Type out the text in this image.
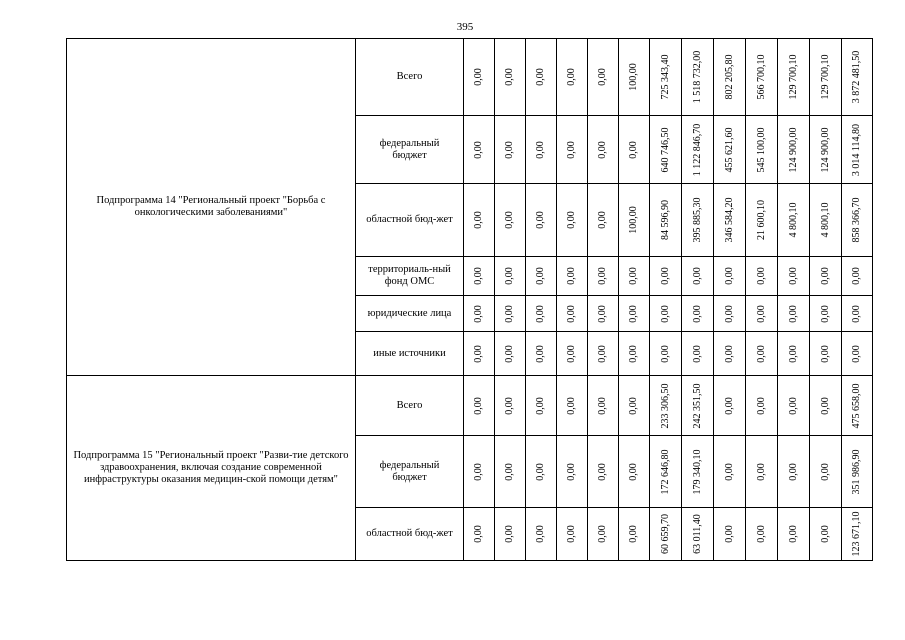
395
Подпрограмма 14 "Региональный проект "Борьба с онкологическими заболеваниями"	Всего	0,00	0,00	0,00	0,00	0,00	100,00	725 343,40	1 518 732,00	802 205,80	566 700,10	129 700,10	129 700,10	3 872 481,50

	федеральный бюджет	0,00	0,00	0,00	0,00	0,00	0,00	640 746,50	1 122 846,70	455 621,60	545 100,00	124 900,00	124 900,00	3 014 114,80

	областной бюд-жет	0,00	0,00	0,00	0,00	0,00	100,00	84 596,90	395 885,30	346 584,20	21 600,10	4 800,10	4 800,10	858 366,70

	территориаль-ный фонд ОМС	0,00	0,00	0,00	0,00	0,00	0,00	0,00	0,00	0,00	0,00	0,00	0,00	0,00

	юридические лица	0,00	0,00	0,00	0,00	0,00	0,00	0,00	0,00	0,00	0,00	0,00	0,00	0,00

	иные источники	0,00	0,00	0,00	0,00	0,00	0,00	0,00	0,00	0,00	0,00	0,00	0,00	0,00

Подпрограмма 15 "Региональный проект "Разви-тие детского здравоохранения, включая создание современной инфраструктуры оказания медицин-ской помощи детям"	Всего	0,00	0,00	0,00	0,00	0,00	0,00	233 306,50	242 351,50	0,00	0,00	0,00	0,00	475 658,00

	федеральный бюджет	0,00	0,00	0,00	0,00	0,00	0,00	172 646,80	179 340,10	0,00	0,00	0,00	0,00	351 986,90

	областной бюд-жет	0,00	0,00	0,00	0,00	0,00	0,00	60 659,70	63 011,40	0,00	0,00	0,00	0,00	123 671,10
